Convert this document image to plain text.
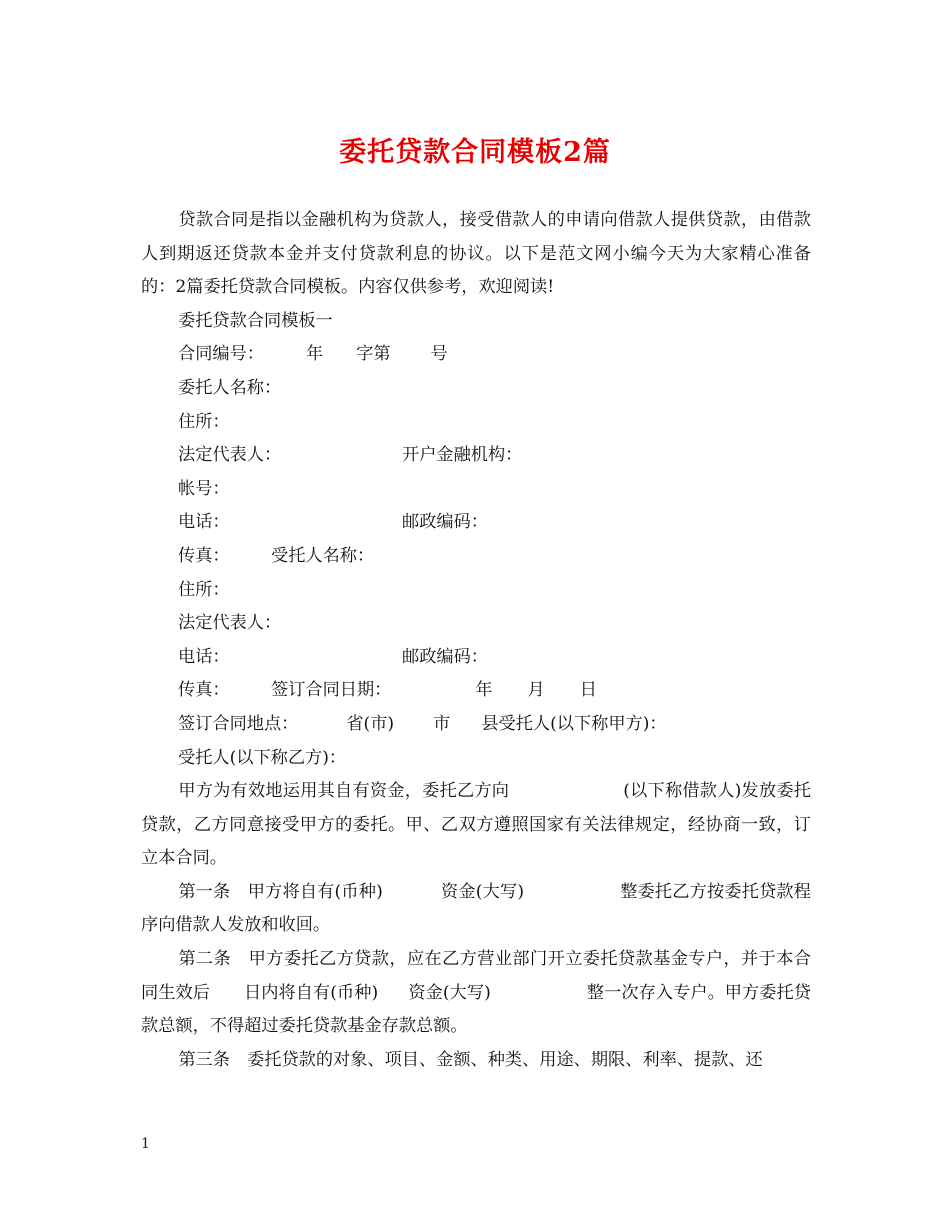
委托贷款合同模板2篇

贷款合同是指以金融机构为贷款人，接受借款人的申请向借款人提供贷款，由借款人到期返还贷款本金并支付贷款利息的协议。以下是范文网小编今天为大家精心准备的：2篇委托贷款合同模板。内容仅供参考，欢迎阅读!

委托贷款合同模板一

合同编号： 年 字第 号

委托人名称：

住所：

法定代表人：	开户金融机构：

帐号：

电话：	邮政编码：

传真： 受托人名称：

住所：

法定代表人：

电话：	邮政编码：

传真： 签订合同日期：	年 月 日

签订合同地点：	省(市) 市 县受托人(以下称甲方)：

受托人(以下称乙方)：

甲方为有效地运用其自有资金，委托乙方向	(以下称借款人)发放委托贷款，乙方同意接受甲方的委托。甲、乙双方遵照国家有关法律规定，经协商一致，订立本合同。

第一条　甲方将自有(币种)	资金(大写)	整委托乙方按委托贷款程序向借款人发放和收回。

第二条　甲方委托乙方贷款，应在乙方营业部门开立委托贷款基金专户，并于本合同生效后 日内将自有(币种) 资金(大写)	整一次存入专户。甲方委托贷款总额，不得超过委托贷款基金存款总额。

第三条　委托贷款的对象、项目、金额、种类、用途、期限、利率、提款、还

1
